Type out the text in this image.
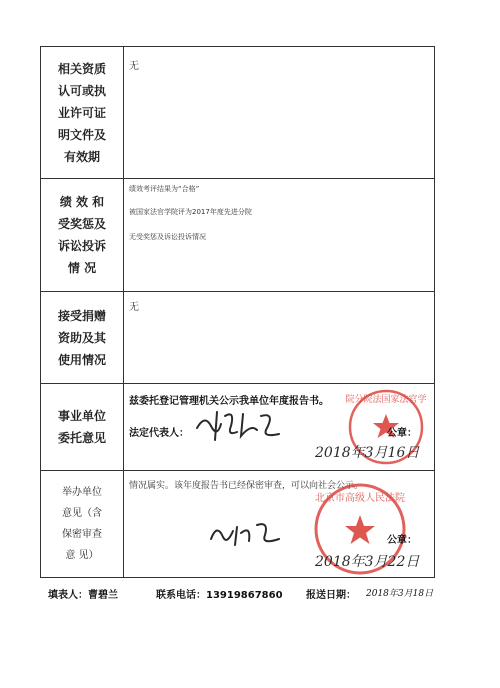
相关资质
认可或执
业许可证
明文件及
有效期
无
绩 效 和
受奖惩及
诉讼投诉
情 况
绩效考评结果为“合格”
被国家法官学院评为2017年度先进分院
无受奖惩及诉讼投诉情况
接受捐赠
资助及其
使用情况
无
事业单位
委托意见
兹委托登记管理机关公示我单位年度报告书。
法定代表人：
院分院法国家法官学
公章：
2018年3月16日
举办单位
意见（含
保密审查
意 见）
情况属实。该年度报告书已经保密审查，可以向社会公示。
北京市高级人民法院
公章：
2018年3月22日
填表人：曹碧兰	联系电话：13919867860 报送日期： 2018年3月18日
